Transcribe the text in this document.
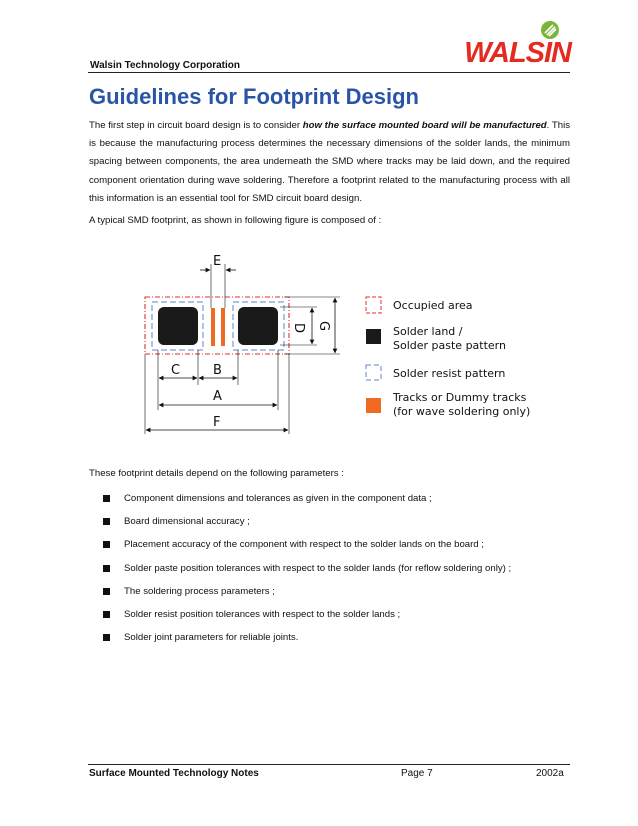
Walsin Technology Corporation	WALSIN
Guidelines for Footprint Design
The first step in circuit board design is to consider how the surface mounted board will be manufactured. This is because the manufacturing process determines the necessary dimensions of the solder lands, the minimum spacing between components, the area underneath the SMD where tracks may be laid down, and the required component orientation during wave soldering. Therefore a footprint related to the manufacturing process with all this information is an essential tool for SMD circuit board design.
A typical SMD footprint, as shown in following figure is composed of :
E
C	B
A
F
D G
Occupied area
Solder land /
Solder paste pattern
Solder resist pattern
Tracks or Dummy tracks
(for wave soldering only)
These footprint details depend on the following parameters :
Component dimensions and tolerances as given in the component data ;
Board dimensional accuracy ;
Placement accuracy of the component with respect to the solder lands on the board ;
Solder paste position tolerances with respect to the solder lands (for reflow soldering only) ;
The soldering process parameters ;
Solder resist position tolerances with respect to the solder lands ;
Solder joint parameters for reliable joints.
Surface Mounted Technology Notes	Page 7	2002a
